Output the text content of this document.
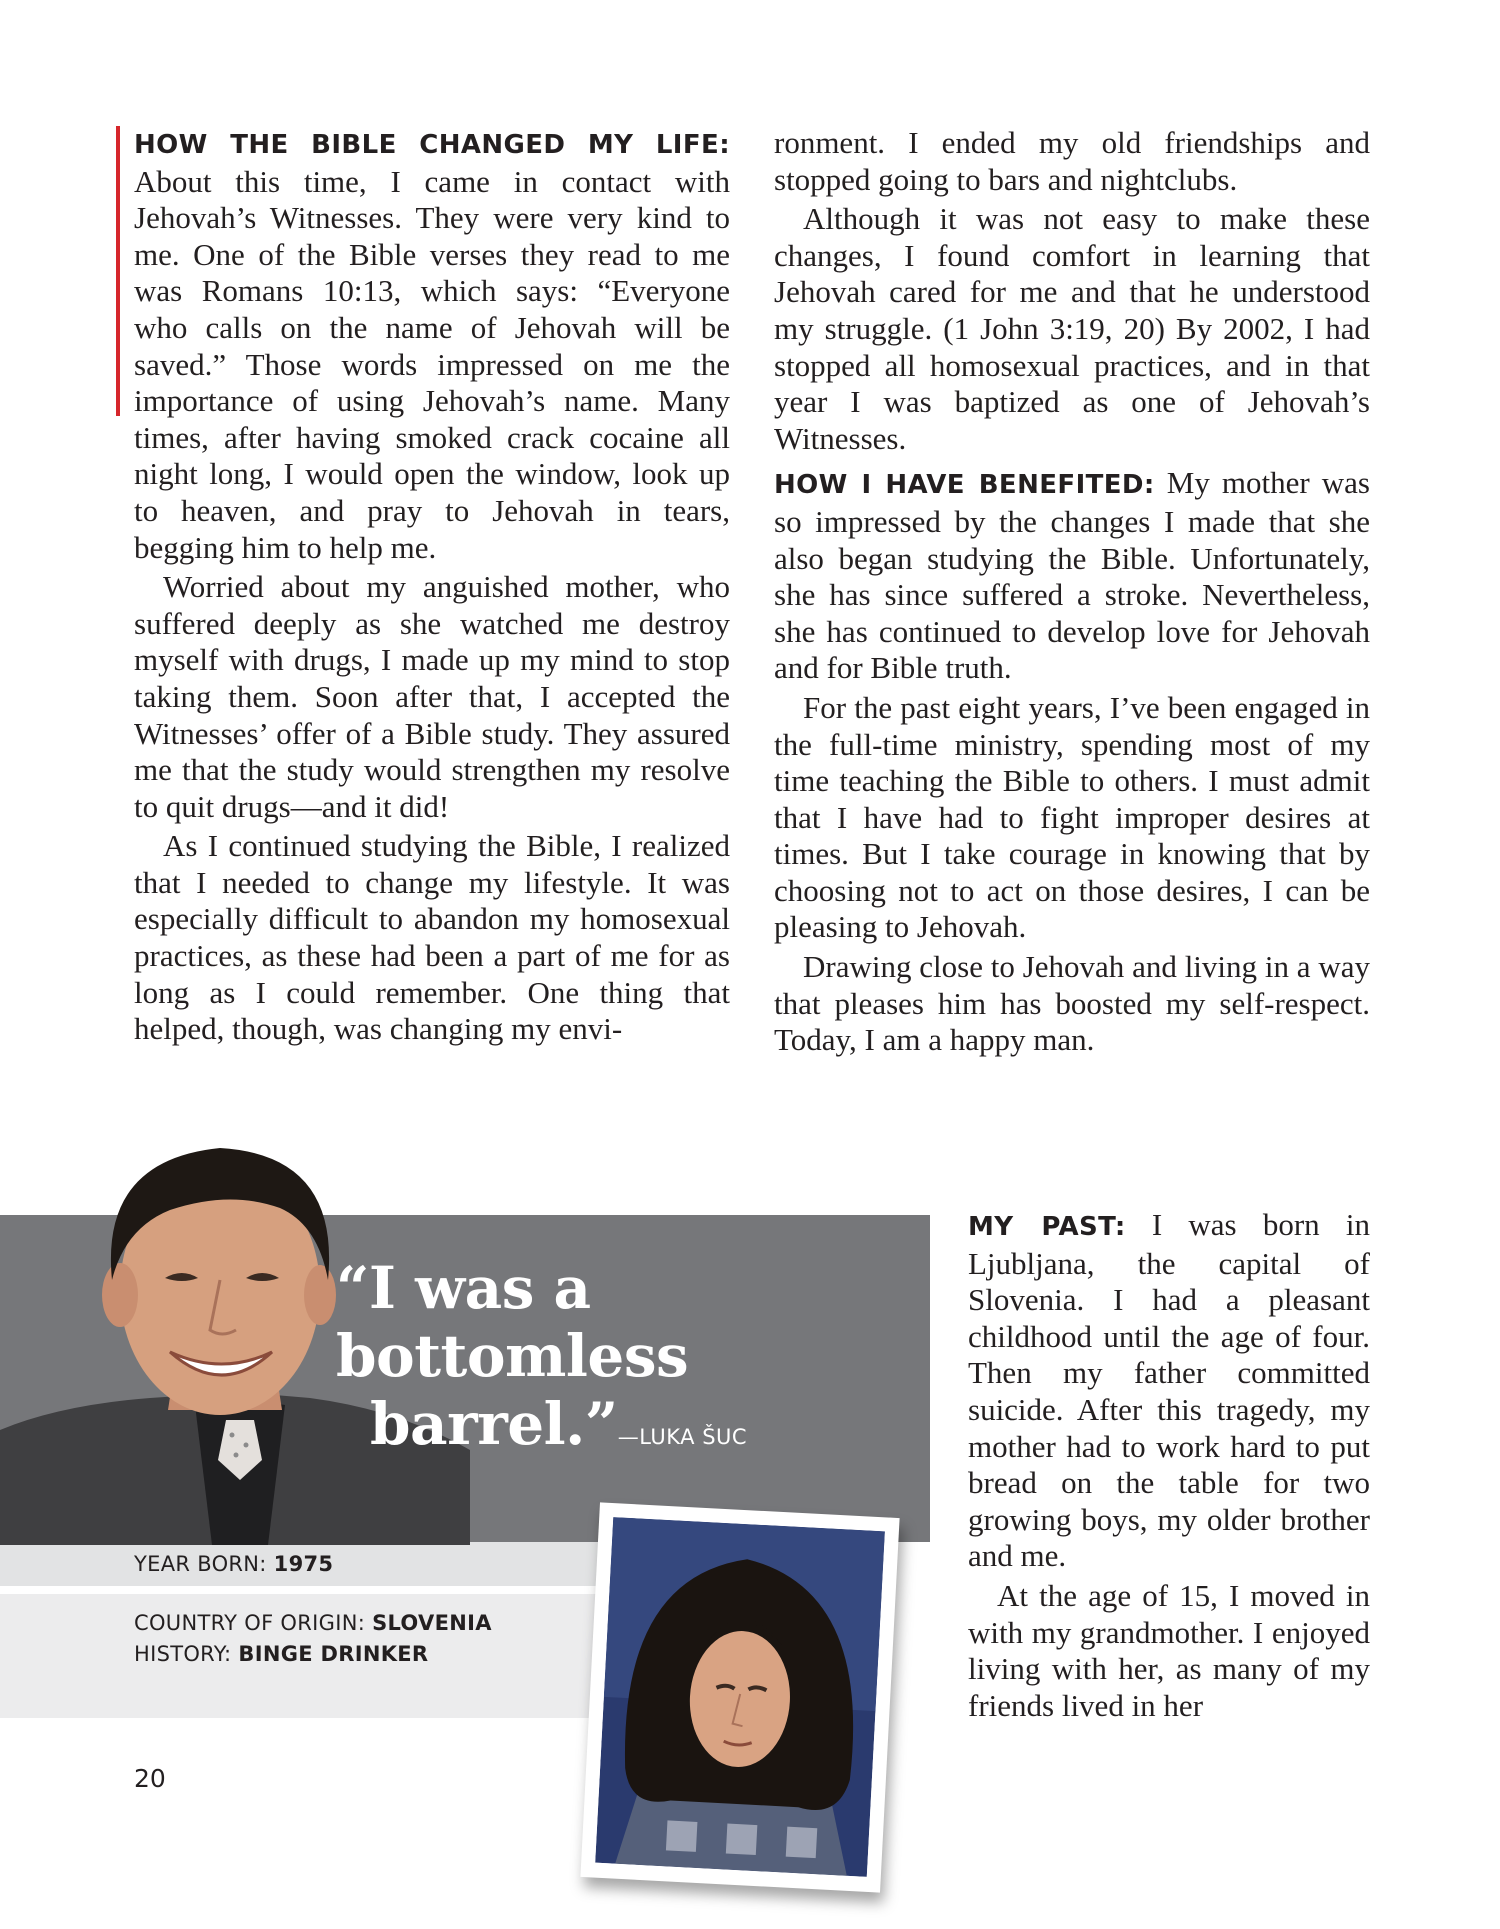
HOW THE BIBLE CHANGED MY LIFE: About this time, I came in contact with Jehovah’s Witnesses. They were very kind to me. One of the Bible verses they read to me was Romans 10:13, which says: “Everyone who calls on the name of Jehovah will be saved.” Those words impressed on me the importance of using Jehovah’s name. Many times, after having smoked crack cocaine all night long, I would open the window, look up to heaven, and pray to Jehovah in tears, begging him to help me.

Worried about my anguished mother, who suffered deeply as she watched me destroy myself with drugs, I made up my mind to stop taking them. Soon after that, I accepted the Witnesses’ offer of a Bible study. They assured me that the study would strengthen my resolve to quit drugs—and it did!

As I continued studying the Bible, I realized that I needed to change my lifestyle. It was especially difficult to abandon my homosexual practices, as these had been a part of me for as long as I could remember. One thing that helped, though, was changing my envi-

ronment. I ended my old friendships and stopped going to bars and nightclubs.

Although it was not easy to make these changes, I found comfort in learning that Jehovah cared for me and that he understood my struggle. (1 John 3:19, 20) By 2002, I had stopped all homosexual practices, and in that year I was baptized as one of Jehovah’s Witnesses.

HOW I HAVE BENEFITED: My mother was so impressed by the changes I made that she also began studying the Bible. Unfortunately, she has since suffered a stroke. Nevertheless, she has continued to develop love for Jehovah and for Bible truth.

For the past eight years, I’ve been engaged in the full-time ministry, spending most of my time teaching the Bible to others. I must admit that I have had to fight improper desires at times. But I take courage in knowing that by choosing not to act on those desires, I can be pleasing to Jehovah.

Drawing close to Jehovah and living in a way that pleases him has boosted my self-respect. Today, I am a happy man.

“I was a bottomless
barrel.”—LUKA ŠUC
YEAR BORN: 1975
COUNTRY OF ORIGIN: SLOVENIA
HISTORY: BINGE DRINKER
20

MY PAST: I was born in Ljubljana, the capital of Slovenia. I had a pleasant childhood until the age of four. Then my father committed suicide. After this tragedy, my mother had to work hard to put bread on the table for two growing boys, my older brother and me.

At the age of 15, I moved in with my grandmother. I enjoyed living with her, as many of my friends lived in her
